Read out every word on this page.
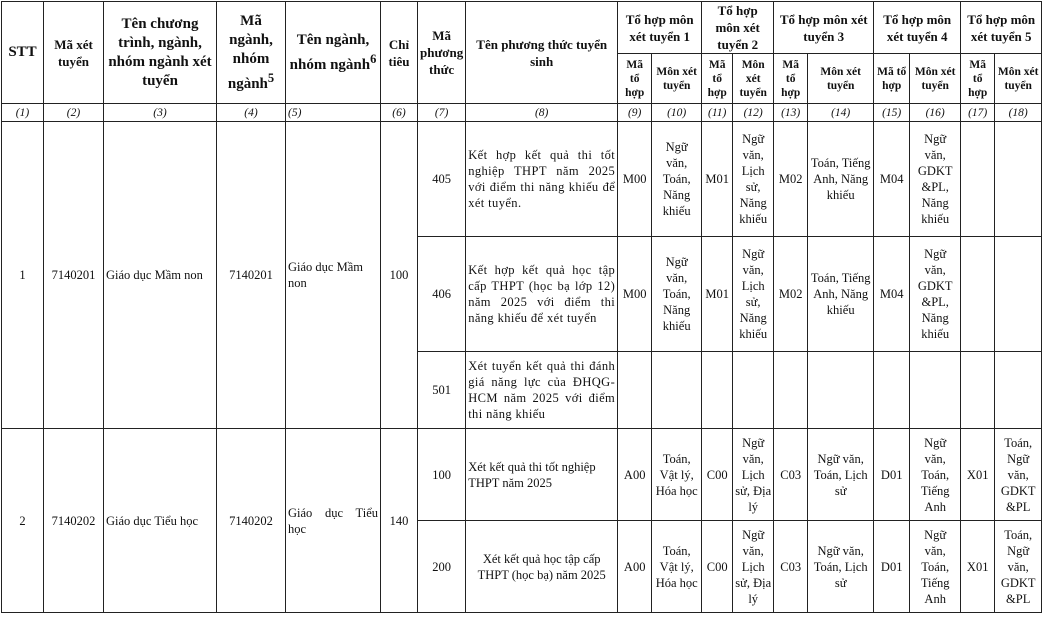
STT	Mã xét tuyển	Tên chương trình, ngành, nhóm ngành xét tuyển	Mã ngành, nhóm ngành$^5$	Tên ngành, nhóm ngành$^6$	Chỉ tiêu	Mã phương thức	Tên phương thức tuyển sinh	Tổ hợp môn xét tuyển 1		Tổ hợp môn xét tuyển 2		Tổ hợp môn xét tuyển 3		Tổ hợp môn xét tuyển 4		Tổ hợp môn xét tuyển 5	
								Mã tổ hợp	Môn xét tuyển	Mã tổ hợp	Môn xét tuyển	Mã tổ hợp	Môn xét tuyển	Mã tổ hợp	Môn xét tuyển	Mã tổ hợp	Môn xét tuyển
(1)	(2)	(3)	(4)	(5)	(6)	(7)	(8)	(9)	(10)	(11)	(12)	(13)	(14)	(15)	(16)	(17)	(18)
1	7140201	Giáo dục Mầm non	7140201	Giáo dục Mầm non	100	405	Kết hợp kết quả thi tốt nghiệp THPT năm 2025 với điểm thi năng khiếu để xét tuyển.	M00	Ngữ văn, Toán, Năng khiếu	M01	Ngữ văn, Lịch sử, Năng khiếu	M02	Toán, Tiếng Anh, Năng khiếu	M04	Ngữ văn, GDKT &PL, Năng khiếu		
						406	Kết hợp kết quả học tập cấp THPT (học bạ lớp 12) năm 2025 với điểm thi năng khiếu để xét tuyển	M00	Ngữ văn, Toán, Năng khiếu	M01	Ngữ văn, Lịch sử, Năng khiếu	M02	Toán, Tiếng Anh, Năng khiếu	M04	Ngữ văn, GDKT &PL, Năng khiếu		
						501	Xét tuyển kết quả thi đánh giá năng lực của ĐHQG-HCM năm 2025 với điểm thi năng khiếu										
2	7140202	Giáo dục Tiểu học	7140202	Giáo dục Tiểu học	140	100	Xét kết quả thi tốt nghiệp THPT năm 2025	A00	Toán, Vật lý, Hóa học	C00	Ngữ văn, Lịch sử, Địa lý	C03	Ngữ văn, Toán, Lịch sử	D01	Ngữ văn, Toán, Tiếng Anh	X01	Toán, Ngữ văn, GDKT &PL
						200	Xét kết quả học tập cấp THPT (học bạ) năm 2025	A00	Toán, Vật lý, Hóa học	C00	Ngữ văn, Lịch sử, Địa lý	C03	Ngữ văn, Toán, Lịch sử	D01	Ngữ văn, Toán, Tiếng Anh	X01	Toán, Ngữ văn, GDKT &PL
